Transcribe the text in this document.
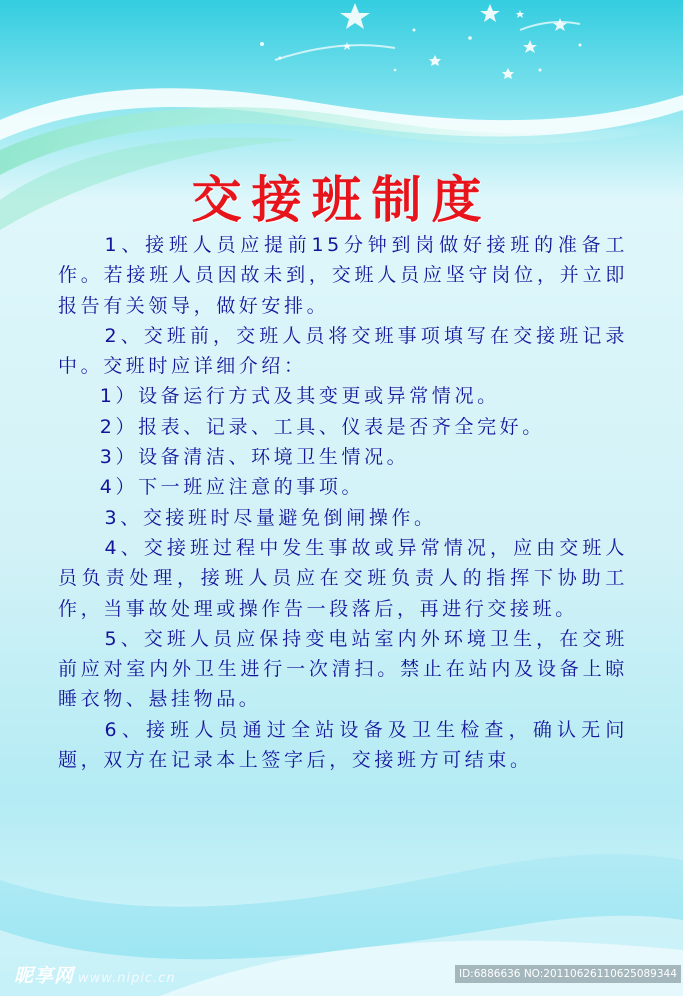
交接班制度

1、接班人员应提前15分钟到岗做好接班的准备工作。若接班人员因故未到，交班人员应坚守岗位，并立即报告有关领导，做好安排。

2、交班前，交班人员将交班事项填写在交接班记录中。交班时应详细介绍：

1）设备运行方式及其变更或异常情况。

2）报表、记录、工具、仪表是否齐全完好。

3）设备清洁、环境卫生情况。

4）下一班应注意的事项。

3、交接班时尽量避免倒闸操作。

4、交接班过程中发生事故或异常情况，应由交班人员负责处理，接班人员应在交班负责人的指挥下协助工作，当事故处理或操作告一段落后，再进行交接班。

5、交班人员应保持变电站室内外环境卫生，在交班前应对室内外卫生进行一次清扫。禁止在站内及设备上晾睡衣物、悬挂物品。

6、接班人员通过全站设备及卫生检查，确认无问题，双方在记录本上签字后，交接班方可结束。

昵享网 www.nipic.cn	ID:6886636 NO:20110626110625089344
